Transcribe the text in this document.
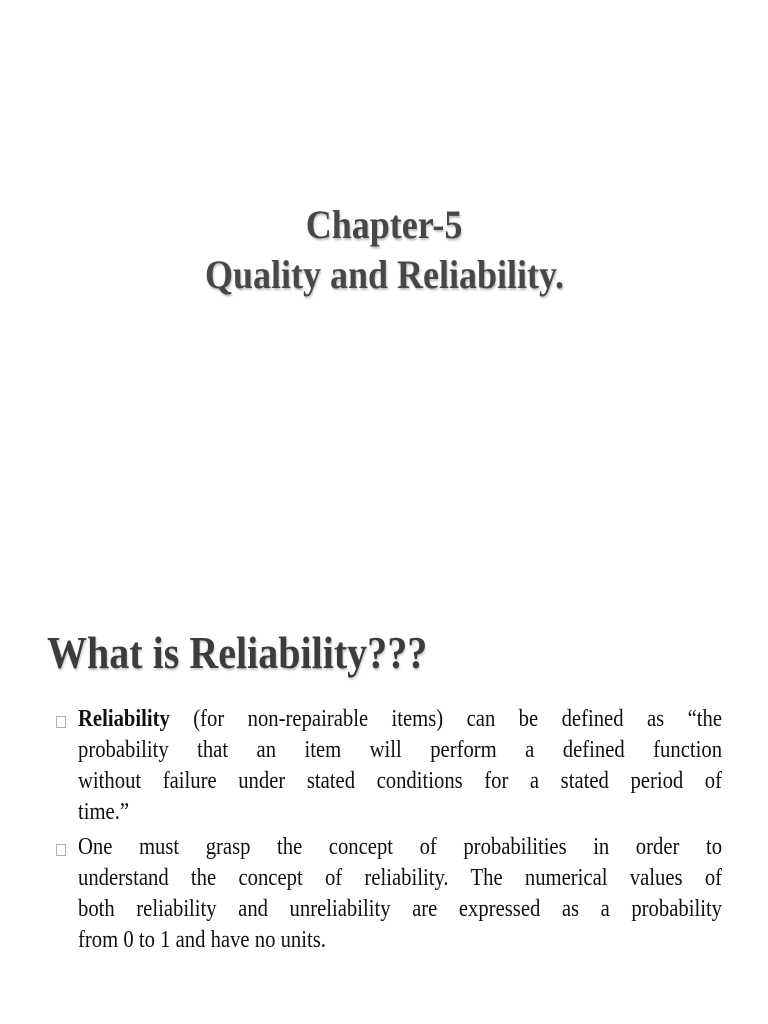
Chapter-5
Quality and Reliability.
What is Reliability???
Reliability (for non-repairable items) can be defined as “the
probability that an item will perform a defined function
without failure under stated conditions for a stated period of
time.”
One must grasp the concept of probabilities in order to
understand the concept of reliability. The numerical values of
both reliability and unreliability are expressed as a probability
from 0 to 1 and have no units.
